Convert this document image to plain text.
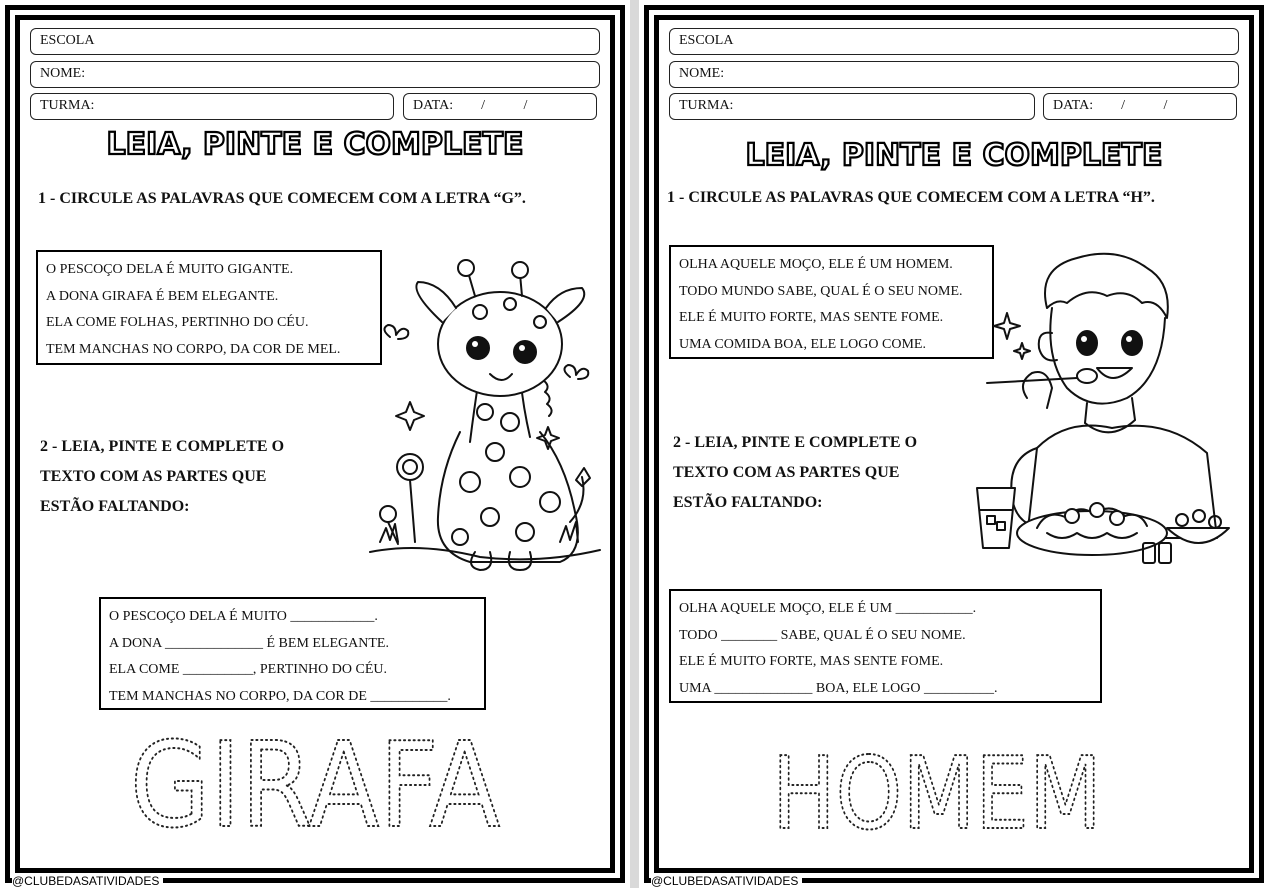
ESCOLA
NOME:
TURMA:	DATA:        /           /
LEIA, PINTE E COMPLETE
1 - CIRCULE AS PALAVRAS QUE COMECEM COM A LETRA “G”.
O PESCOÇO DELA É MUITO GIGANTE.
A DONA GIRAFA É BEM ELEGANTE.
ELA COME FOLHAS, PERTINHO DO CÉU.
TEM MANCHAS NO CORPO, DA COR DE MEL.
2 - LEIA, PINTE E COMPLETE O
TEXTO COM AS PARTES QUE
ESTÃO FALTANDO:
O PESCOÇO DELA É MUITO ____________.
A DONA ______________ É BEM ELEGANTE.
ELA COME __________, PERTINHO DO CÉU.
TEM MANCHAS NO CORPO, DA COR DE ___________.
GIRAFA
@CLUBEDASATIVIDADES
ESCOLA
NOME:
TURMA:	DATA:        /           /
LEIA, PINTE E COMPLETE
1 - CIRCULE AS PALAVRAS QUE COMECEM COM A LETRA “H”.
OLHA AQUELE MOÇO, ELE É UM HOMEM.
TODO MUNDO SABE, QUAL É O SEU NOME.
ELE É MUITO FORTE, MAS SENTE FOME.
UMA COMIDA BOA, ELE LOGO COME.
2 - LEIA, PINTE E COMPLETE O
TEXTO COM AS PARTES QUE
ESTÃO FALTANDO:
OLHA AQUELE MOÇO, ELE É UM ___________.
TODO ________ SABE, QUAL É O SEU NOME.
ELE É MUITO FORTE, MAS SENTE FOME.
UMA ______________ BOA, ELE LOGO __________.
HOMEM
@CLUBEDASATIVIDADES
